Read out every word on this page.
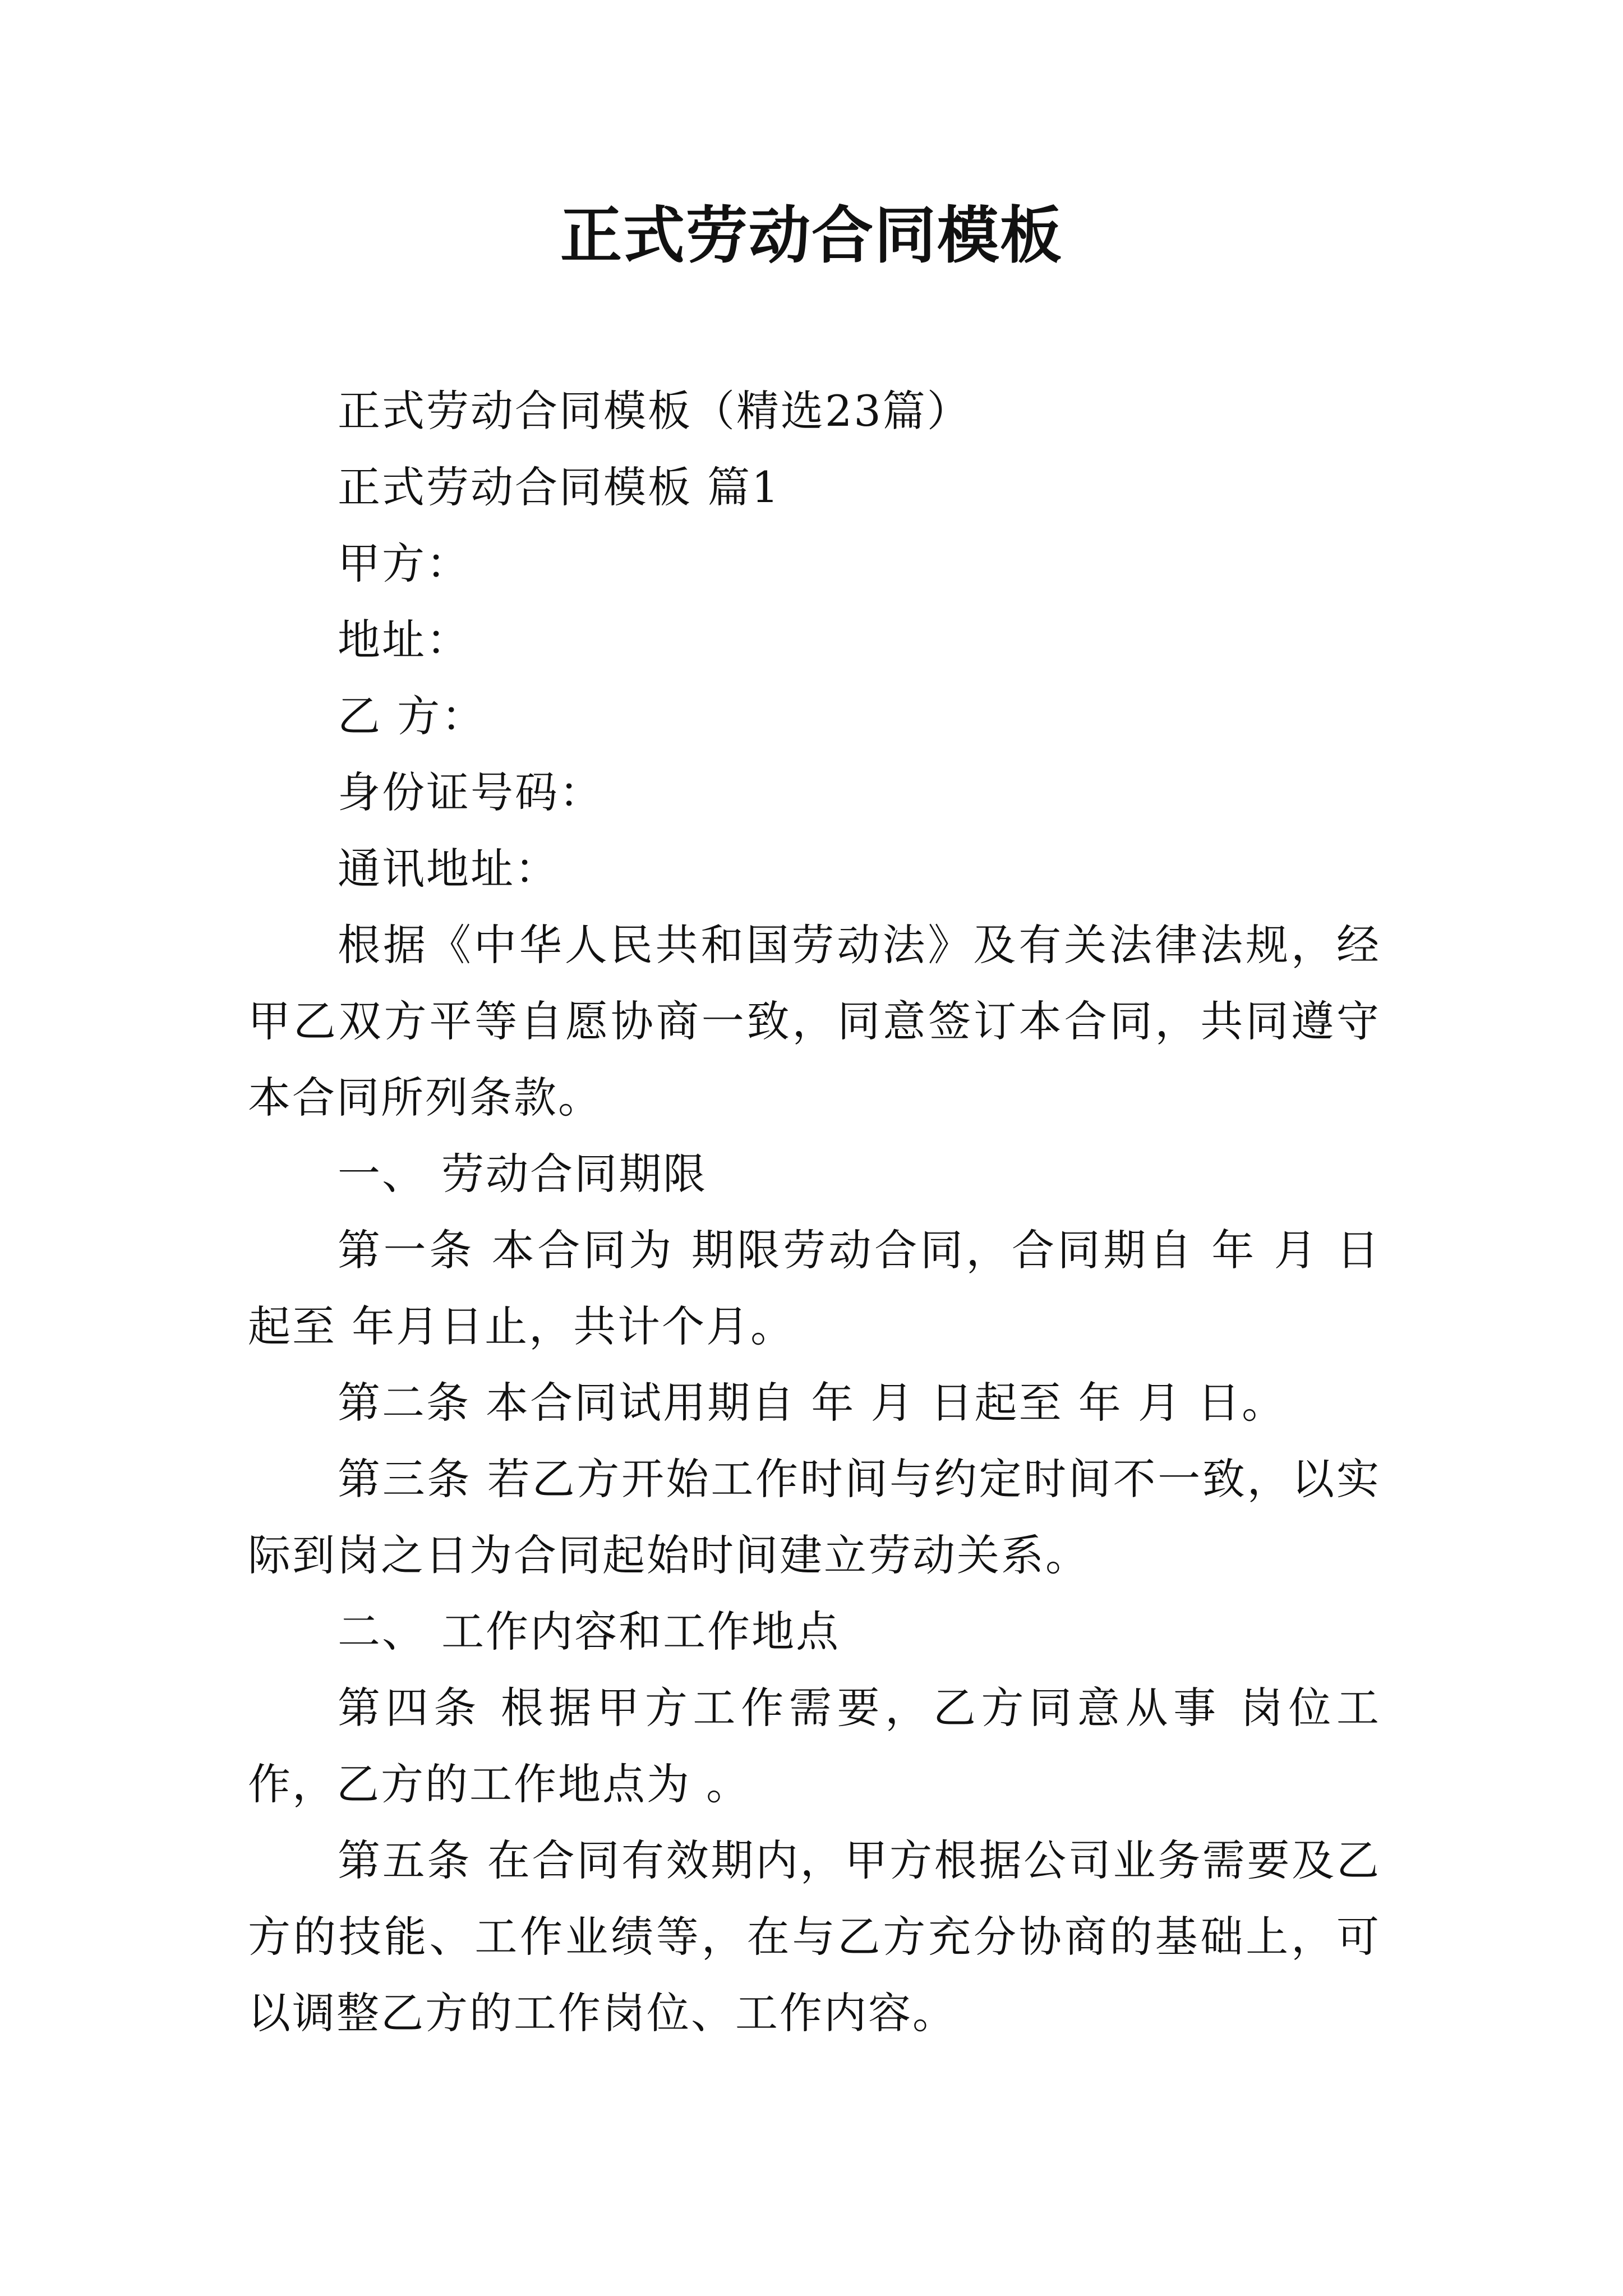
正式劳动合同模板

正式劳动合同模板（精选23篇）

正式劳动合同模板 篇1

甲方：

地址：

乙 方：

身份证号码：

通讯地址：

根据《中华人民共和国劳动法》及有关法律法规，经甲乙双方平等自愿协商一致，同意签订本合同，共同遵守本合同所列条款。

一、 劳动合同期限

第一条 本合同为 期限劳动合同，合同期自 年 月 日起至 年月日止，共计个月。

第二条 本合同试用期自 年 月 日起至 年 月 日。

第三条 若乙方开始工作时间与约定时间不一致，以实际到岗之日为合同起始时间建立劳动关系。

二、 工作内容和工作地点

第四条 根据甲方工作需要，乙方同意从事 岗位工作，乙方的工作地点为 。

第五条 在合同有效期内，甲方根据公司业务需要及乙方的技能、工作业绩等，在与乙方充分协商的基础上，可以调整乙方的工作岗位、工作内容。
